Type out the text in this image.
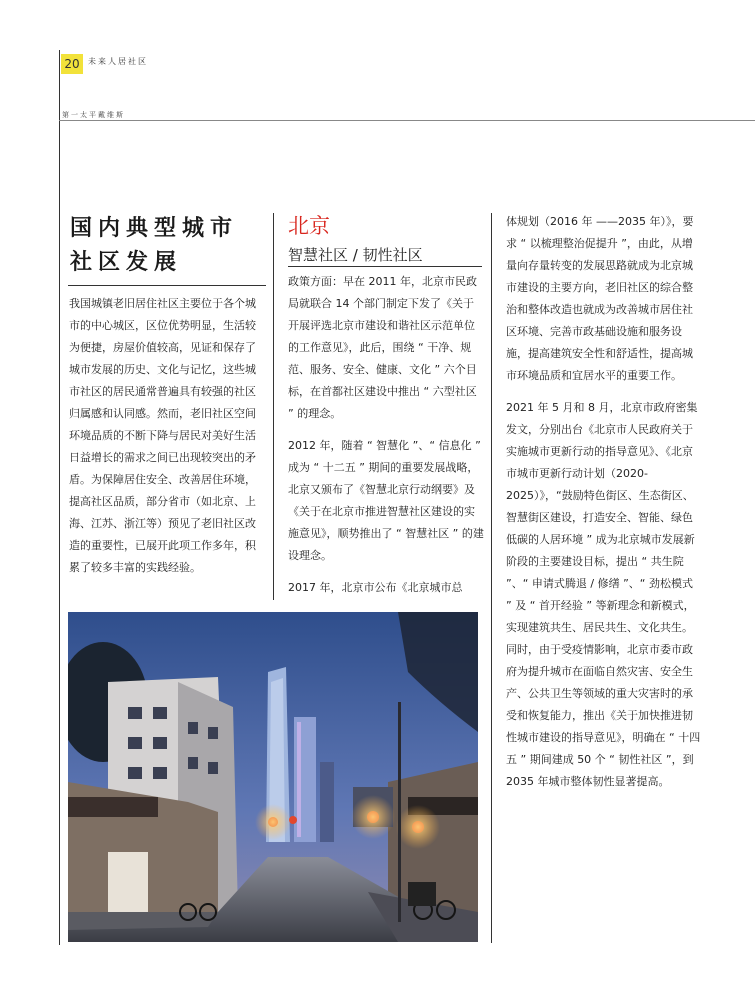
20	未来人居社区
第一太平戴维斯
国内典型城市
社区发展

我国城镇老旧居住社区主要位于各个城市的中心城区，区位优势明显，生活较为便捷，房屋价值较高，见证和保存了城市发展的历史、文化与记忆，这些城市社区的居民通常普遍具有较强的社区归属感和认同感。然而，老旧社区空间环境品质的不断下降与居民对美好生活日益增长的需求之间已出现较突出的矛盾。为保障居住安全、改善居住环境，提高社区品质，部分省市（如北京、上海、江苏、浙江等）预见了老旧社区改造的重要性，已展开此项工作多年，积累了较多丰富的实践经验。

北京
智慧社区 / 韧性社区

政策方面：早在 2011 年，北京市民政局就联合 14 个部门制定下发了《关于开展评选北京市建设和谐社区示范单位的工作意见》，此后，围绕 “ 干净、规范、服务、安全、健康、文化 ” 六个目标，在首都社区建设中推出 “ 六型社区 ” 的理念。

2012 年，随着 “ 智慧化 ”、“ 信息化 ” 成为 “ 十二五 ” 期间的重要发展战略，北京又颁布了《智慧北京行动纲要》及《关于在北京市推进智慧社区建设的实施意见》，顺势推出了 “ 智慧社区 ” 的建设理念。

2017 年，北京市公布《北京城市总

体规划（2016 年 ——2035 年）》，要求 “ 以梳理整治促提升 ”，由此，从增量向存量转变的发展思路就成为北京城市建设的主要方向，老旧社区的综合整治和整体改造也就成为改善城市居住社区环境、完善市政基础设施和服务设施，提高建筑安全性和舒适性，提高城市环境品质和宜居水平的重要工作。

2021 年 5 月和 8 月，北京市政府密集发文，分别出台《北京市人民政府关于实施城市更新行动的指导意见》、《北京市城市更新行动计划（2020-2025）》，“鼓励特色街区、生态街区、智慧街区建设，打造安全、智能、绿色低碳的人居环境 ” 成为北京城市发展新阶段的主要建设目标，提出 “ 共生院 ”、“ 申请式腾退 / 修缮 ”、“ 劲松模式 ” 及 “ 首开经验 ” 等新理念和新模式，实现建筑共生、居民共生、文化共生。同时，由于受疫情影响，北京市委市政府为提升城市在面临自然灾害、安全生产、公共卫生等领域的重大灾害时的承受和恢复能力，推出《关于加快推进韧性城市建设的指导意见》，明确在 “ 十四五 ” 期间建成 50 个 “ 韧性社区 ”，到 2035 年城市整体韧性显著提高。
